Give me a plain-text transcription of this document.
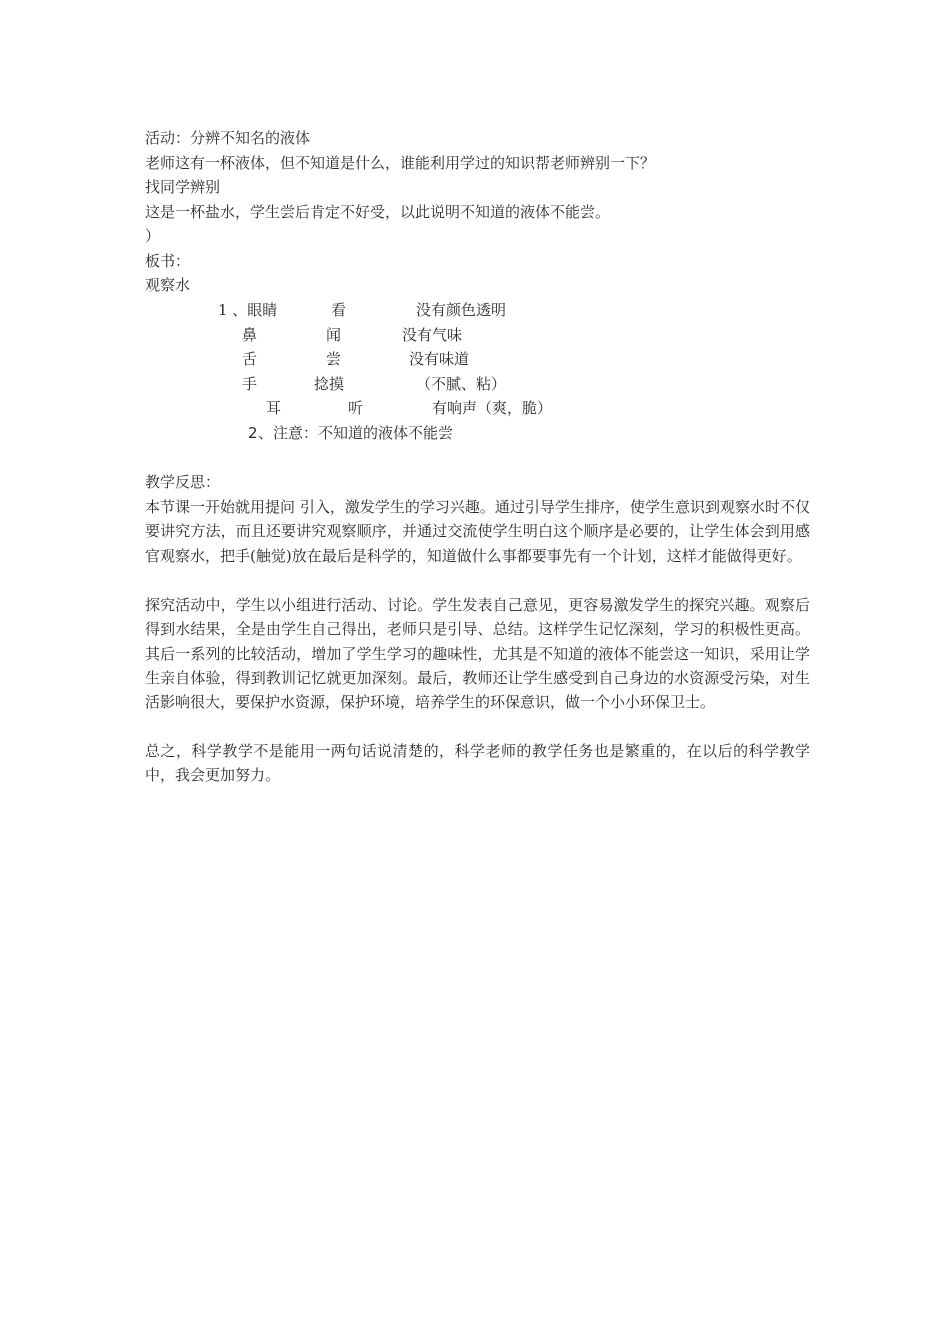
活动：分辨不知名的液体
老师这有一杯液体，但不知道是什么，谁能利用学过的知识帮老师辨别一下？
找同学辨别
这是一杯盐水，学生尝后肯定不好受，以此说明不知道的液体不能尝。
）
板书：
观察水
1 、眼睛	看	没有颜色透明
鼻	闻	没有气味
舌	尝	没有味道
手	捻摸	（不腻、粘）
耳	听	有响声（爽，脆）
2 、注意：不知道的液体不能尝
教学反思：
本节课一开始就用提问 引入，激发学生的学习兴趣。通过引导学生排序，使学生意识到观察水时不仅要讲究方法，而且还要讲究观察顺序，并通过交流使学生明白这个顺序是必要的，让学生体会到用感官观察水，把手(触觉)放在最后是科学的，知道做什么事都要事先有一个计划，这样才能做得更好。
探究活动中，学生以小组进行活动、讨论。学生发表自己意见，更容易激发学生的探究兴趣。观察后得到水结果，全是由学生自己得出，老师只是引导、总结。这样学生记忆深刻，学习的积极性更高。其后一系列的比较活动，增加了学生学习的趣味性，尤其是不知道的液体不能尝这一知识，采用让学生亲自体验，得到教训记忆就更加深刻。最后，教师还让学生感受到自己身边的水资源受污染，对生活影响很大，要保护水资源，保护环境，培养学生的环保意识，做一个小小环保卫士。
总之，科学教学不是能用一两句话说清楚的，科学老师的教学任务也是繁重的，在以后的科学教学中，我会更加努力。
